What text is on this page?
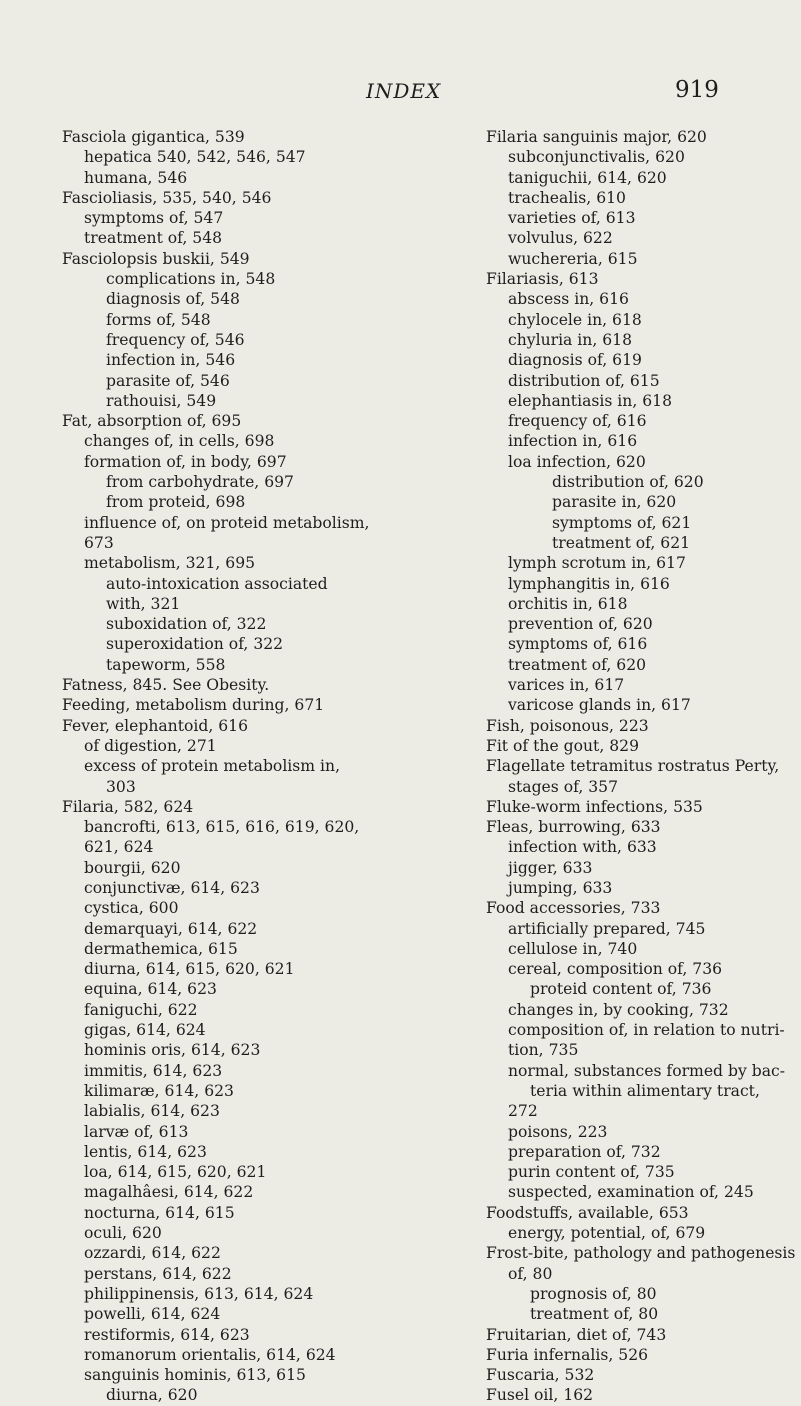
INDEX	919
Fasciola gigantica, 539
hepatica 540, 542, 546, 547
humana, 546
Fascioliasis, 535, 540, 546
symptoms of, 547
treatment of, 548
Fasciolopsis buskii, 549
complications in, 548
diagnosis of, 548
forms of, 548
frequency of, 546
infection in, 546
parasite of, 546
rathouisi, 549
Fat, absorption of, 695
changes of, in cells, 698
formation of, in body, 697
from carbohydrate, 697
from proteid, 698
influence of, on proteid metabolism,
673
metabolism, 321, 695
auto-intoxication associated
with, 321
suboxidation of, 322
superoxidation of, 322
tapeworm, 558
Fatness, 845. See Obesity.
Feeding, metabolism during, 671
Fever, elephantoid, 616
of digestion, 271
excess of protein metabolism in,
303
Filaria, 582, 624
bancrofti, 613, 615, 616, 619, 620,
621, 624
bourgii, 620
conjunctivæ, 614, 623
cystica, 600
demarquayi, 614, 622
dermathemica, 615
diurna, 614, 615, 620, 621
equina, 614, 623
faniguchi, 622
gigas, 614, 624
hominis oris, 614, 623
immitis, 614, 623
kilimaræ, 614, 623
labialis, 614, 623
larvæ of, 613
lentis, 614, 623
loa, 614, 615, 620, 621
magalhâesi, 614, 622
nocturna, 614, 615
oculi, 620
ozzardi, 614, 622
perstans, 614, 622
philippinensis, 613, 614, 624
powelli, 614, 624
restiformis, 614, 623
romanorum orientalis, 614, 624
sanguinis hominis, 613, 615
diurna, 620
Filaria sanguinis major, 620
subconjunctivalis, 620
taniguchii, 614, 620
trachealis, 610
varieties of, 613
volvulus, 622
wuchereria, 615
Filariasis, 613
abscess in, 616
chylocele in, 618
chyluria in, 618
diagnosis of, 619
distribution of, 615
elephantiasis in, 618
frequency of, 616
infection in, 616
loa infection, 620
distribution of, 620
parasite in, 620
symptoms of, 621
treatment of, 621
lymph scrotum in, 617
lymphangitis in, 616
orchitis in, 618
prevention of, 620
symptoms of, 616
treatment of, 620
varices in, 617
varicose glands in, 617
Fish, poisonous, 223
Fit of the gout, 829
Flagellate tetramitus rostratus Perty,
stages of, 357
Fluke-worm infections, 535
Fleas, burrowing, 633
infection with, 633
jigger, 633
jumping, 633
Food accessories, 733
artificially prepared, 745
cellulose in, 740
cereal, composition of, 736
proteid content of, 736
changes in, by cooking, 732
composition of, in relation to nutri-
tion, 735
normal, substances formed by bac-
teria within alimentary tract,
272
poisons, 223
preparation of, 732
purin content of, 735
suspected, examination of, 245
Foodstuffs, available, 653
energy, potential, of, 679
Frost-bite, pathology and pathogenesis
of, 80
prognosis of, 80
treatment of, 80
Fruitarian, diet of, 743
Furia infernalis, 526
Fuscaria, 532
Fusel oil, 162
